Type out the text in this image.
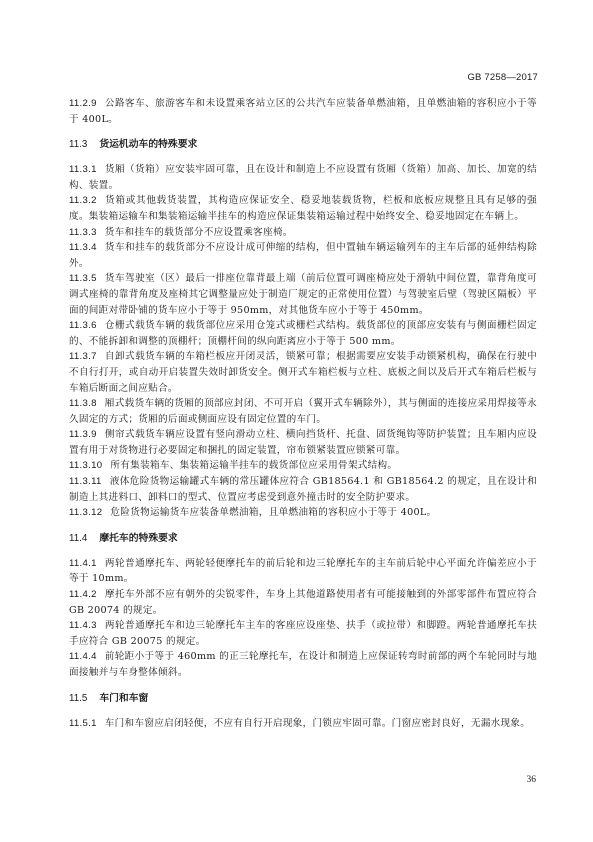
GB 7258—2017

11.2.9 公路客车、旅游客车和未设置乘客站立区的公共汽车应装备单燃油箱，且单燃油箱的容积应小于等于 400L。

11.3 货运机动车的特殊要求

11.3.1 货厢（货箱）应安装牢固可靠，且在设计和制造上不应设置有货厢（货箱）加高、加长、加宽的结构、装置。

11.3.2 货箱或其他载货装置，其构造应保证安全、稳妥地装载货物，栏板和底板应规整且具有足够的强度。集装箱运输车和集装箱运输半挂车的构造应保证集装箱运输过程中始终安全、稳妥地固定在车辆上。

11.3.3 货车和挂车的载货部分不应设置乘客座椅。

11.3.4 货车和挂车的载货部分不应设计成可伸缩的结构，但中置轴车辆运输列车的主车后部的延伸结构除外。

11.3.5 货车驾驶室（区）最后一排座位靠背最上端（前后位置可调座椅应处于滑轨中间位置，靠背角度可调式座椅的靠背角度及座椅其它调整量应处于制造厂规定的正常使用位置）与驾驶室后壁（驾驶区隔板）平面的间距对带卧铺的货车应小于等于 950mm，对其他货车应小于等于 450mm。

11.3.6 仓栅式载货车辆的载货部位应采用仓笼式或栅栏式结构。载货部位的顶部应安装有与侧面栅栏固定的、不能拆卸和调整的顶棚杆；顶棚杆间的纵向距离应小于等于 500 mm。

11.3.7 自卸式载货车辆的车箱栏板应开闭灵活，锁紧可靠；根据需要应安装手动锁紧机构，确保在行驶中不自行打开，或自动开启装置失效时卸货安全。侧开式车箱栏板与立柱、底板之间以及后开式车箱后栏板与车箱后断面之间应贴合。

11.3.8 厢式载货车辆的货厢的顶部应封闭、不可开启（翼开式车辆除外），其与侧面的连接应采用焊接等永久固定的方式；货厢的后面或侧面应设有固定位置的车门。

11.3.9 侧帘式载货车辆应设置有竖向滑动立柱、横向挡货杆、托盘、固货绳钩等防护装置；且车厢内应设置有用于对货物进行必要固定和捆扎的固定装置，帘布锁紧装置应锁紧可靠。

11.3.10 所有集装箱车、集装箱运输半挂车的载货部位应采用骨架式结构。

11.3.11 液体危险货物运输罐式车辆的常压罐体应符合 GB18564.1 和 GB18564.2 的规定，且在设计和制造上其进料口、卸料口的型式、位置应考虑受到意外撞击时的安全防护要求。

11.3.12 危险货物运输货车应装备单燃油箱，且单燃油箱的容积应小于等于 400L。

11.4 摩托车的特殊要求

11.4.1 两轮普通摩托车、两轮轻便摩托车的前后轮和边三轮摩托车的主车前后轮中心平面允许偏差应小于等于 10mm。

11.4.2 摩托车外部不应有朝外的尖锐零件，车身上其他道路使用者有可能接触到的外部零部件布置应符合 GB 20074 的规定。

11.4.3 两轮普通摩托车和边三轮摩托车主车的客座应设座垫、扶手（或拉带）和脚蹬。两轮普通摩托车扶手应符合 GB 20075 的规定。

11.4.4 前轮距小于等于 460mm 的正三轮摩托车，在设计和制造上应保证转弯时前部的两个车轮同时与地面接触并与车身整体倾斜。

11.5 车门和车窗

11.5.1 车门和车窗应启闭轻便，不应有自行开启现象，门锁应牢固可靠。门窗应密封良好，无漏水现象。

36
